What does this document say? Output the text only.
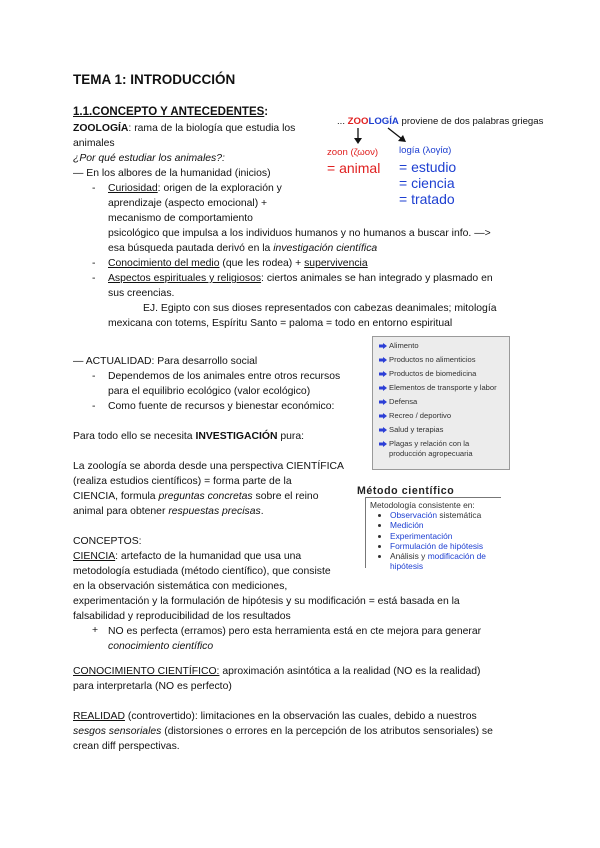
TEMA 1: INTRODUCCIÓN
1.1.CONCEPTO Y ANTECEDENTES:
ZOOLOGÍA: rama de la biología que estudia los
animales
¿Por qué estudiar los animales?:
— En los albores de la humanidad (inicios)
- Curiosidad: origen de la exploración y
aprendizaje (aspecto emocional) +
mecanismo de comportamiento
psicológico que impulsa a los individuos humanos y no humanos a buscar info. —>
esa búsqueda pautada derivó en la investigación científica
- Conocimiento del medio (que les rodea) + supervivencia
- Aspectos espirituales y religiosos: ciertos animales se han integrado y plasmado en
sus creencias.
EJ. Egipto con sus dioses representados con cabezas deanimales; mitología
mexicana con totems, Espíritu Santo = paloma = todo en entorno espiritual
... ZOOLOGÍA proviene de dos palabras griegas
zoon (ζωον) logía (λογία)
= animal = estudio
= ciencia
= tratado
— ACTUALIDAD: Para desarrollo social
- Dependemos de los animales entre otros recursos
para el equilibrio ecológico (valor ecológico)
- Como fuente de recursos y bienestar económico:
Para todo ello se necesita INVESTIGACIÓN pura:
Alimento
Productos no alimenticios
Productos de biomedicina
Elementos de transporte y labor
Defensa
Recreo / deportivo
Salud y terapias
Plagas y relación con la producción agropecuaria
La zoología se aborda desde una perspectiva CIENTÍFICA
(realiza estudios científicos) = forma parte de la
CIENCIA, formula preguntas concretas sobre el reino
animal para obtener respuestas precisas.
Método científico
Metodología consistente en:
• Observación sistemática
• Medición
• Experimentación
• Formulación de hipótesis
• Análisis y modificación de hipótesis
CONCEPTOS:
CIENCIA: artefacto de la humanidad que usa una
metodología estudiada (método científico), que consiste
en la observación sistemática con mediciones,
experimentación y la formulación de hipótesis y su modificación = está basada en la
falsabilidad y reproducibilidad de los resultados
+ NO es perfecta (erramos) pero esta herramienta está en cte mejora para generar
conocimiento científico
CONOCIMIENTO CIENTÍFICO: aproximación asintótica a la realidad (NO es la realidad)
para interpretarla (NO es perfecto)
REALIDAD (controvertido): limitaciones en la observación las cuales, debido a nuestros
sesgos sensoriales (distorsiones o errores en la percepción de los atributos sensoriales) se
crean diff perspectivas.
